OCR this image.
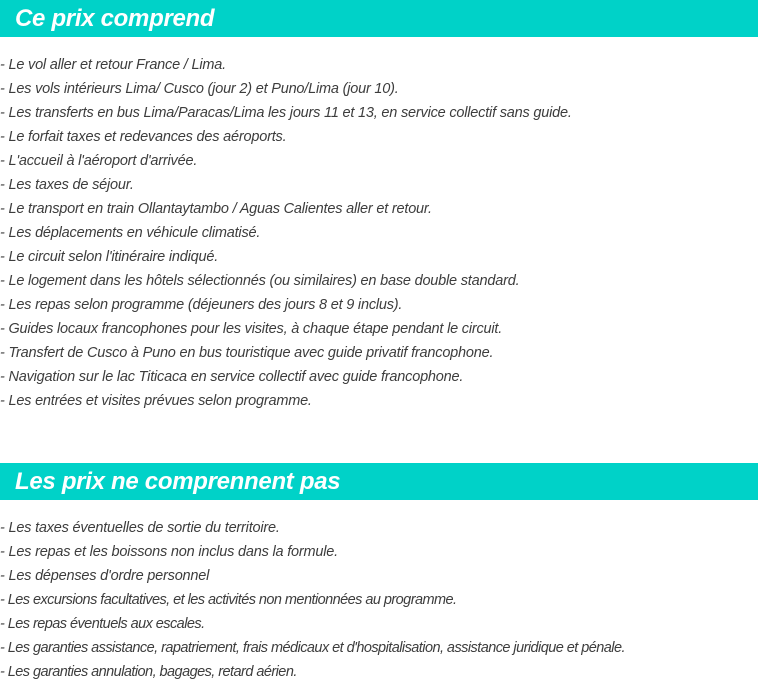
Ce prix comprend
- Le vol aller et retour France / Lima.
- Les vols intérieurs Lima/ Cusco (jour 2) et Puno/Lima (jour 10).
- Les transferts en bus Lima/Paracas/Lima les jours 11 et 13, en service collectif sans guide.
- Le forfait taxes et redevances des aéroports.
- L'accueil à l'aéroport d'arrivée.
- Les taxes de séjour.
- Le transport en train Ollantaytambo / Aguas Calientes aller et retour.
- Les déplacements en véhicule climatisé.
- Le circuit selon l'itinéraire indiqué.
- Le logement dans les hôtels sélectionnés (ou similaires) en base double standard.
- Les repas selon programme (déjeuners des jours 8 et 9 inclus).
- Guides locaux francophones pour les visites, à chaque étape pendant le circuit.
- Transfert de Cusco à Puno en bus touristique avec guide privatif francophone.
- Navigation sur le lac Titicaca en service collectif avec guide francophone.
- Les entrées et visites prévues selon programme.
Les prix ne comprennent pas
- Les taxes éventuelles de sortie du territoire.
- Les repas et les boissons non inclus dans la formule.
- Les dépenses d'ordre personnel
- Les excursions facultatives, et les activités non mentionnées au programme.
- Les repas éventuels aux escales.
- Les garanties assistance, rapatriement, frais médicaux et d'hospitalisation, assistance juridique et pénale.
- Les garanties annulation, bagages, retard aérien.
